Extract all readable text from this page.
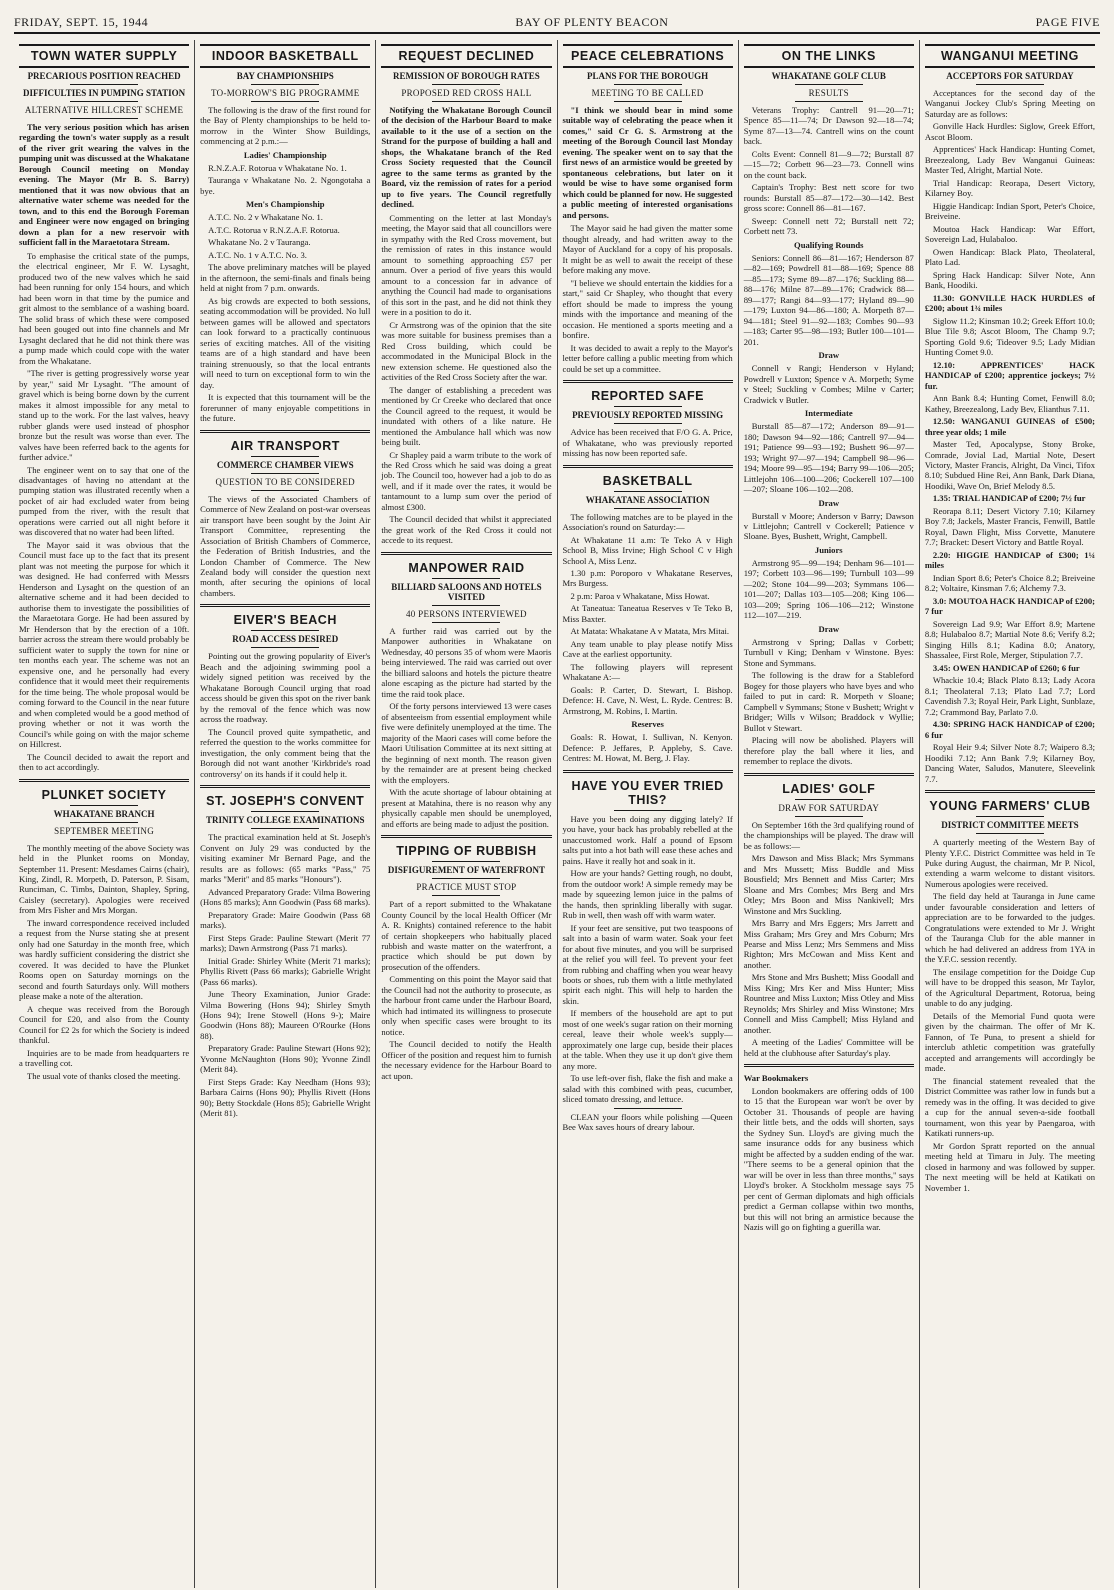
FRIDAY, SEPT. 15, 1944	BAY OF PLENTY BEACON	PAGE FIVE
TOWN WATER SUPPLY
PRECARIOUS POSITION REACHED
DIFFICULTIES IN PUMPING STATION
ALTERNATIVE HILLCREST SCHEME

The very serious position which has arisen regarding the town's water supply as a result of the river grit wearing the valves in the pumping unit was discussed at the Whakatane Borough Council meeting on Monday evening. The Mayor (Mr B. S. Barry) mentioned that it was now obvious that an alternative water scheme was needed for the town, and to this end the Borough Foreman and Engineer were now engaged on bringing down a plan for a new reservoir with sufficient fall in the Maraetotara Stream.

To emphasise the critical state of the pumps, the electrical engineer, Mr F. W. Lysaght, produced two of the new valves which he said had been running for only 154 hours, and which had been worn in that time by the pumice and grit almost to the semblance of a washing board. The solid brass of which these were composed had been gouged out into fine channels and Mr Lysaght declared that he did not think there was a pump made which could cope with the water from the Whakatane.

"The river is getting progressively worse year by year," said Mr Lysaght. "The amount of gravel which is being borne down by the current makes it almost impossible for any metal to stand up to the work. For the last valves, heavy rubber glands were used instead of phosphor bronze but the result was worse than ever. The valves have been referred back to the agents for further advice."

The engineer went on to say that one of the disadvantages of having no attendant at the pumping station was illustrated recently when a pocket of air had excluded water from being pumped from the river, with the result that operations were carried out all night before it was discovered that no water had been lifted.

The Mayor said it was obvious that the Council must face up to the fact that its present plant was not meeting the purpose for which it was designed. He had conferred with Messrs Henderson and Lysaght on the question of an alternative scheme and it had been decided to authorise them to investigate the possibilities of the Maraetotara Gorge. He had been assured by Mr Henderson that by the erection of a 10ft. barrier across the stream there would probably be sufficient water to supply the town for nine or ten months each year. The scheme was not an expensive one, and he personally had every confidence that it would meet their requirements for the time being. The whole proposal would be coming forward to the Council in the near future and when completed would be a good method of proving whether or not it was worth the Council's while going on with the major scheme on Hillcrest.

The Council decided to await the report and then to act accordingly.

PLUNKET SOCIETY
WHAKATANE BRANCH
SEPTEMBER MEETING

The monthly meeting of the above Society was held in the Plunket rooms on Monday, September 11. Present: Mesdames Cairns (chair), King, Zindl, R. Morpeth, D. Paterson, P. Sisam, Runciman, C. Timbs, Dainton, Shapley, Spring, Caisley (secretary). Apologies were received from Mrs Fisher and Mrs Morgan.

The inward correspondence received included a request from the Nurse stating she at present only had one Saturday in the month free, which was hardly sufficient considering the district she covered. It was decided to have the Plunket Rooms open on Saturday mornings on the second and fourth Saturdays only. Will mothers please make a note of the alteration.

A cheque was received from the Borough Council for £20, and also from the County Council for £2 2s for which the Society is indeed thankful.

Inquiries are to be made from headquarters re a travelling cot.

The usual vote of thanks closed the meeting.

INDOOR BASKETBALL
BAY CHAMPIONSHIPS
TO-MORROW'S BIG PROGRAMME

The following is the draw of the first round for the Bay of Plenty championships to be held to-morrow in the Winter Show Buildings, commencing at 2 p.m.:—

Ladies' Championship

R.N.Z.A.F. Rotorua v Whakatane No. 1.

Tauranga v Whakatane No. 2. Ngongotaha a bye.

Men's Championship

A.T.C. No. 2 v Whakatane No. 1.

A.T.C. Rotorua v R.N.Z.A.F. Rotorua.

Whakatane No. 2 v Tauranga.

A.T.C. No. 1 v A.T.C. No. 3.

The above preliminary matches will be played in the afternoon, the semi-finals and finals being held at night from 7 p.m. onwards.

As big crowds are expected to both sessions, seating accommodation will be provided. No lull between games will be allowed and spectators can look forward to a practically continuous series of exciting matches. All of the visiting teams are of a high standard and have been training strenuously, so that the local entrants will need to turn on exceptional form to win the day.

It is expected that this tournament will be the forerunner of many enjoyable competitions in the future.

AIR TRANSPORT
COMMERCE CHAMBER VIEWS
QUESTION TO BE CONSIDERED

The views of the Associated Chambers of Commerce of New Zealand on post-war overseas air transport have been sought by the Joint Air Transport Committee, representing the Association of British Chambers of Commerce, the Federation of British Industries, and the London Chamber of Commerce. The New Zealand body will consider the question next month, after securing the opinions of local chambers.

EIVER'S BEACH
ROAD ACCESS DESIRED

Pointing out the growing popularity of Eiver's Beach and the adjoining swimming pool a widely signed petition was received by the Whakatane Borough Council urging that road access should be given this spot on the river bank by the removal of the fence which was now across the roadway.

The Council proved quite sympathetic, and referred the question to the works committee for investigation, the only comment being that the Borough did not want another 'Kirkbride's road controversy' on its hands if it could help it.

ST. JOSEPH'S CONVENT
TRINITY COLLEGE EXAMINATIONS

The practical examination held at St. Joseph's Convent on July 29 was conducted by the visiting examiner Mr Bernard Page, and the results are as follows: (65 marks "Pass," 75 marks "Merit" and 85 marks "Honours").

Advanced Preparatory Grade: Vilma Bowering (Hons 85 marks); Ann Goodwin (Pass 68 marks).

Preparatory Grade: Maire Goodwin (Pass 68 marks).

First Steps Grade: Pauline Stewart (Merit 77 marks); Dawn Armstrong (Pass 71 marks).

Initial Grade: Shirley White (Merit 71 marks); Phyllis Rivett (Pass 66 marks); Gabrielle Wright (Pass 66 marks).

June Theory Examination, Junior Grade: Vilma Bowering (Hons 94); Shirley Smyth (Hons 94); Irene Stowell (Hons 9-); Maire Goodwin (Hons 88); Maureen O'Rourke (Hons 88).

Preparatory Grade: Pauline Stewart (Hons 92); Yvonne McNaughton (Hons 90); Yvonne Zindl (Merit 84).

First Steps Grade: Kay Needham (Hons 93); Barbara Cairns (Hons 90); Phyllis Rivett (Hons 90); Betty Stockdale (Hons 85); Gabrielle Wright (Merit 81).

REQUEST DECLINED
REMISSION OF BOROUGH RATES
PROPOSED RED CROSS HALL

Notifying the Whakatane Borough Council of the decision of the Harbour Board to make available to it the use of a section on the Strand for the purpose of building a hall and shops, the Whakatane branch of the Red Cross Society requested that the Council agree to the same terms as granted by the Board, viz the remission of rates for a period up to five years. The Council regretfully declined.

Commenting on the letter at last Monday's meeting, the Mayor said that all councillors were in sympathy with the Red Cross movement, but the remission of rates in this instance would amount to something approaching £57 per annum. Over a period of five years this would amount to a concession far in advance of anything the Council had made to organisations of this sort in the past, and he did not think they were in a position to do it.

Cr Armstrong was of the opinion that the site was more suitable for business premises than a Red Cross building, which could be accommodated in the Municipal Block in the new extension scheme. He questioned also the activities of the Red Cross Society after the war.

The danger of establishing a precedent was mentioned by Cr Creeke who declared that once the Council agreed to the request, it would be inundated with others of a like nature. He mentioned the Ambulance hall which was now being built.

Cr Shapley paid a warm tribute to the work of the Red Cross which he said was doing a great job. The Council too, however had a job to do as well, and if it made over the rates, it would be tantamount to a lump sum over the period of almost £300.

The Council decided that whilst it appreciated the great work of the Red Cross it could not accede to its request.

MANPOWER RAID
BILLIARD SALOONS AND HOTELS VISITED
40 PERSONS INTERVIEWED

A further raid was carried out by the Manpower authorities in Whakatane on Wednesday, 40 persons 35 of whom were Maoris being interviewed. The raid was carried out over the billiard saloons and hotels the picture theatre alone escaping as the picture had started by the time the raid took place.

Of the forty persons interviewed 13 were cases of absenteeism from essential employment while five were definitely unemployed at the time. The majority of the Maori cases will come before the Maori Utilisation Committee at its next sitting at the beginning of next month. The reason given by the remainder are at present being checked with the employers.

With the acute shortage of labour obtaining at present at Matahina, there is no reason why any physically capable men should be unemployed, and efforts are being made to adjust the position.

TIPPING OF RUBBISH
DISFIGUREMENT OF WATERFRONT
PRACTICE MUST STOP

Part of a report submitted to the Whakatane County Council by the local Health Officer (Mr A. R. Knights) contained reference to the habit of certain shopkeepers who habitually placed rubbish and waste matter on the waterfront, a practice which should be put down by prosecution of the offenders.

Commenting on this point the Mayor said that the Council had not the authority to prosecute, as the harbour front came under the Harbour Board, which had intimated its willingness to prosecute only when specific cases were brought to its notice.

The Council decided to notify the Health Officer of the position and request him to furnish the necessary evidence for the Harbour Board to act upon.

PEACE CELEBRATIONS
PLANS FOR THE BOROUGH
MEETING TO BE CALLED

"I think we should bear in mind some suitable way of celebrating the peace when it comes," said Cr G. S. Armstrong at the meeting of the Borough Council last Monday evening. The speaker went on to say that the first news of an armistice would be greeted by spontaneous celebrations, but later on it would be wise to have some organised form which could be planned for now. He suggested a public meeting of interested organisations and persons.

The Mayor said he had given the matter some thought already, and had written away to the Mayor of Auckland for a copy of his proposals. It might be as well to await the receipt of these before making any move.

"I believe we should entertain the kiddies for a start," said Cr Shapley, who thought that every effort should be made to impress the young minds with the importance and meaning of the occasion. He mentioned a sports meeting and a bonfire.

It was decided to await a reply to the Mayor's letter before calling a public meeting from which could be set up a committee.

REPORTED SAFE
PREVIOUSLY REPORTED MISSING

Advice has been received that F/O G. A. Price, of Whakatane, who was previously reported missing has now been reported safe.

BASKETBALL
WHAKATANE ASSOCIATION

The following matches are to be played in the Association's round on Saturday:—

At Whakatane 11 a.m: Te Teko A v High School B, Miss Irvine; High School C v High School A, Miss Lenz.

1.30 p.m: Poroporo v Whakatane Reserves, Mrs Burgess.

2 p.m: Paroa v Whakatane, Miss Howat.

At Taneatua: Taneatua Reserves v Te Teko B, Miss Baxter.

At Matata: Whakatane A v Matata, Mrs Mitai.

Any team unable to play please notify Miss Cave at the earliest opportunity.

The following players will represent Whakatane A:—

Goals: P. Carter, D. Stewart, I. Bishop. Defence: H. Cave, N. West, L. Ryde. Centres: B. Armstrong, M. Robins, I. Martin.

Reserves

Goals: R. Howat, I. Sullivan, N. Kenyon. Defence: P. Jeffares, P. Appleby, S. Cave. Centres: M. Howat, M. Berg, J. Flay.

HAVE YOU EVER TRIED THIS?

Have you been doing any digging lately? If you have, your back has probably rebelled at the unaccustomed work. Half a pound of Epsom salts put into a hot bath will ease these aches and pains. Have it really hot and soak in it.

How are your hands? Getting rough, no doubt, from the outdoor work! A simple remedy may be made by squeezing lemon juice in the palms of the hands, then sprinkling liberally with sugar. Rub in well, then wash off with warm water.

If your feet are sensitive, put two teaspoons of salt into a basin of warm water. Soak your feet for about five minutes, and you will be surprised at the relief you will feel. To prevent your feet from rubbing and chaffing when you wear heavy boots or shoes, rub them with a little methylated spirit each night. This will help to harden the skin.

If members of the household are apt to put most of one week's sugar ration on their morning cereal, leave their whole week's supply—approximately one large cup, beside their places at the table. When they use it up don't give them any more.

To use left-over fish, flake the fish and make a salad with this combined with peas, cucumber, sliced tomato dressing, and lettuce.

CLEAN your floors while polishing —Queen Bee Wax saves hours of dreary labour.

ON THE LINKS
WHAKATANE GOLF CLUB
RESULTS

Veterans Trophy: Cantrell 91—20—71; Spence 85—11—74; Dr Dawson 92—18—74; Syme 87—13—74. Cantrell wins on the count back.

Colts Event: Connell 81—9—72; Burstall 87—15—72; Corbett 96—23—73. Connell wins on the count back.

Captain's Trophy: Best nett score for two rounds: Burstall 85—87—172—30—142. Best gross score: Connell 86—81—167.

Sweep: Connell nett 72; Burstall nett 72; Corbett nett 73.

Qualifying Rounds

Seniors: Connell 86—81—167; Henderson 87—82—169; Powdrell 81—88—169; Spence 88—85—173; Syme 89—87—176; Suckling 88—88—176; Milne 87—89—176; Cradwick 88—89—177; Rangi 84—93—177; Hyland 89—90—179; Luxton 94—86—180; A. Morpeth 87—94—181; Steel 91—92—183; Combes 90—93—183; Carter 95—98—193; Butler 100—101—201.

Draw

Connell v Rangi; Henderson v Hyland; Powdrell v Luxton; Spence v A. Morpeth; Syme v Steel; Suckling v Combes; Milne v Carter; Cradwick v Butler.

Intermediate

Burstall 85—87—172; Anderson 89—91—180; Dawson 94—92—186; Cantrell 97—94—191; Patience 99—93—192; Bushett 96—97—193; Wright 97—97—194; Campbell 98—96—194; Moore 99—95—194; Barry 99—106—205; Littlejohn 106—100—206; Cockerell 107—100—207; Sloane 106—102—208.

Draw

Burstall v Moore; Anderson v Barry; Dawson v Littlejohn; Cantrell v Cockerell; Patience v Sloane. Byes, Bushett, Wright, Campbell.

Juniors

Armstrong 95—99—194; Denham 96—101—197; Corbett 103—96—199; Turnbull 103—99—202; Stone 104—99—203; Symmans 106—101—207; Dallas 103—105—208; King 106—103—209; Spring 106—106—212; Winstone 112—107—219.

Draw

Armstrong v Spring; Dallas v Corbett; Turnbull v King; Denham v Winstone. Byes: Stone and Symmans.

The following is the draw for a Stableford Bogey for those players who have byes and who failed to put in card: R. Morpeth v Sloane; Campbell v Symmans; Stone v Bushett; Wright v Bridger; Wills v Wilson; Braddock v Wyllie; Bullot v Stewart.

Placing will now be abolished. Players will therefore play the ball where it lies, and remember to replace the divots.

LADIES' GOLF
DRAW FOR SATURDAY

On September 16th the 3rd qualifying round of the championships will be played. The draw will be as follows:—

Mrs Dawson and Miss Black; Mrs Symmans and Mrs Mussett; Miss Buddle and Miss Bousfield; Mrs Bennett and Miss Carter; Mrs Sloane and Mrs Combes; Mrs Berg and Mrs Otley; Mrs Boon and Miss Nankivell; Mrs Winstone and Mrs Suckling.

Mrs Barry and Mrs Eggers; Mrs Jarrett and Miss Graham; Mrs Grey and Mrs Coburn; Mrs Pearse and Miss Lenz; Mrs Semmens and Miss Righton; Mrs McCowan and Miss Kent and another.

Mrs Stone and Mrs Bushett; Miss Goodall and Miss King; Mrs Ker and Miss Hunter; Miss Rountree and Miss Luxton; Miss Otley and Miss Reynolds; Mrs Shirley and Miss Winstone; Mrs Connell and Miss Campbell; Miss Hyland and another.

A meeting of the Ladies' Committee will be held at the clubhouse after Saturday's play.

War Bookmakers

London bookmakers are offering odds of 100 to 15 that the European war won't be over by October 31. Thousands of people are having their little bets, and the odds will shorten, says the Sydney Sun. Lloyd's are giving much the same insurance odds for any business which might be affected by a sudden ending of the war. "There seems to be a general opinion that the war will be over in less than three months," says Lloyd's broker. A Stockholm message says 75 per cent of German diplomats and high officials predict a German collapse within two months, but this will not bring an armistice because the Nazis will go on fighting a guerilla war.

WANGANUI MEETING
ACCEPTORS FOR SATURDAY

Acceptances for the second day of the Wanganui Jockey Club's Spring Meeting on Saturday are as follows:

Gonville Hack Hurdles: Siglow, Greek Effort, Ascot Bloom.

Apprentices' Hack Handicap: Hunting Comet, Breezealong, Lady Bev Wanganui Guineas: Master Ted, Alright, Martial Note.

Trial Handicap: Reorapa, Desert Victory, Kilarney Boy.

Higgie Handicap: Indian Sport, Peter's Choice, Breiveine.

Moutoa Hack Handicap: War Effort, Sovereign Lad, Hulabaloo.

Owen Handicap: Black Plato, Theolateral, Plato Lad.

Spring Hack Handicap: Silver Note, Ann Bank, Hoodiki.

11.30: GONVILLE HACK HURDLES of £200; about 1¾ miles

Siglow 11.2; Kinsman 10.2; Greek Effort 10.0; Blue Tile 9.8; Ascot Bloom, The Champ 9.7; Sporting Gold 9.6; Tideover 9.5; Lady Midian Hunting Comet 9.0.

12.10: APPRENTICES' HACK HANDICAP of £200; apprentice jockeys; 7½ fur.

Ann Bank 8.4; Hunting Comet, Fenwill 8.0; Kathey, Breezealong, Lady Bev, Elianthus 7.11.

12.50: WANGANUI GUINEAS of £500; three year olds; 1 mile

Master Ted, Apocalypse, Stony Broke, Comrade, Jovial Lad, Martial Note, Desert Victory, Master Francis, Alright, Da Vinci, Tifox 8.10; Subdued Hine Rei, Ann Bank, Dark Diana, Hoodiki, Wave On, Brief Melody 8.5.

1.35: TRIAL HANDICAP of £200; 7½ fur

Reorapa 8.11; Desert Victory 7.10; Kilarney Boy 7.8; Jackels, Master Francis, Fenwill, Battle Royal, Dawn Flight, Miss Corvette, Manutere 7.7; Bracket: Desert Victory and Battle Royal.

2.20: HIGGIE HANDICAP of £300; 1¼ miles

Indian Sport 8.6; Peter's Choice 8.2; Breiveine 8.2; Voltaire, Kinsman 7.6; Alchemy 7.3.

3.0: MOUTOA HACK HANDICAP of £200; 7 fur

Sovereign Lad 9.9; War Effort 8.9; Martene 8.8; Hulabaloo 8.7; Martial Note 8.6; Verify 8.2; Singing Hills 8.1; Kadina 8.0; Anatory, Shassalee, First Role, Merger, Stipulation 7.7.

3.45: OWEN HANDICAP of £260; 6 fur

Whackie 10.4; Black Plato 8.13; Lady Acora 8.1; Theolateral 7.13; Plato Lad 7.7; Lord Cavendish 7.3; Royal Heir, Park Light, Sunblaze, 7.2; Crammond Bay, Parlato 7.0.

4.30: SPRING HACK HANDICAP of £200; 6 fur

Royal Heir 9.4; Silver Note 8.7; Waipero 8.3; Hoodiki 7.12; Ann Bank 7.9; Kilarney Boy, Dancing Water, Saludos, Manutere, Sleevelink 7.7.

YOUNG FARMERS' CLUB
DISTRICT COMMITTEE MEETS

A quarterly meeting of the Western Bay of Plenty Y.F.C. District Committee was held in Te Puke during August, the chairman, Mr P. Nicol, extending a warm welcome to distant visitors. Numerous apologies were received.

The field day held at Tauranga in June came under favourable consideration and letters of appreciation are to be forwarded to the judges. Congratulations were extended to Mr J. Wright of the Tauranga Club for the able manner in which he had delivered an address from 1YA in the Y.F.C. session recently.

The ensilage competition for the Doidge Cup will have to be dropped this season, Mr Taylor, of the Agricultural Department, Rotorua, being unable to do any judging.

Details of the Memorial Fund quota were given by the chairman. The offer of Mr K. Fannon, of Te Puna, to present a shield for interclub athletic competition was gratefully accepted and arrangements will accordingly be made.

The financial statement revealed that the District Committee was rather low in funds but a remedy was in the offing. It was decided to give a cup for the annual seven-a-side football tournament, won this year by Paengaroa, with Katikati runners-up.

Mr Gordon Spratt reported on the annual meeting held at Timaru in July. The meeting closed in harmony and was followed by supper. The next meeting will be held at Katikati on November 1.
